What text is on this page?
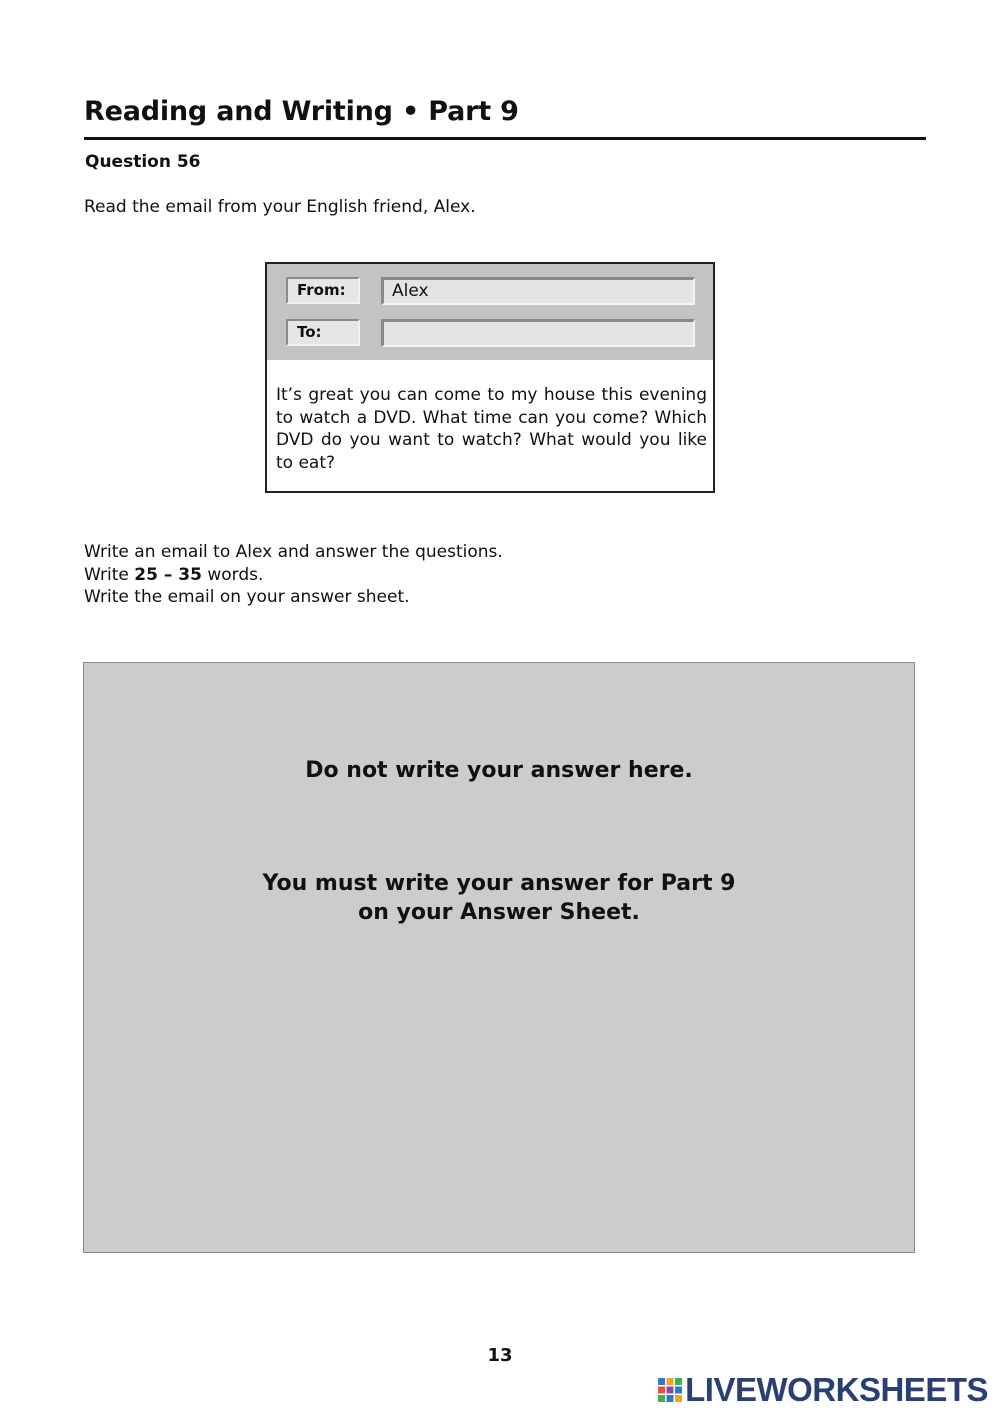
Reading and Writing • Part 9
Question 56
Read the email from your English friend, Alex.
From:	Alex
To:

It’s great you can come to my house this evening to watch a DVD. What time can you come? Which DVD do you want to watch? What would you like to eat?

Write an email to Alex and answer the questions.
Write 25 – 35 words.
Write the email on your answer sheet.

Do not write your answer here.

You must write your answer for Part 9

on your Answer Sheet.

13
LIVEWORKSHEETS
